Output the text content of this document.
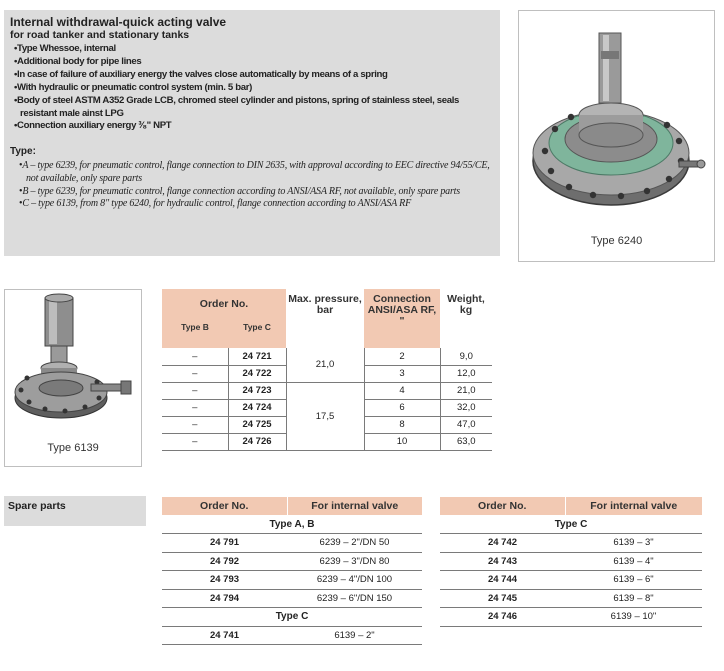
Internal withdrawal-quick acting valve
for road tanker and stationary tanks
• Type Whessoe, internal
• Additional body for pipe lines
• In case of failure of auxiliary energy the valves close automatically by means of a spring
• With hydraulic or pneumatic control system (min. 5 bar)
• Body of steel ASTM A352 Grade LCB, chromed steel cylinder and pistons, spring of stainless steel, seals resistant male ainst LPG
• Connection auxiliary energy ³⁄₈" NPT
Type:
• A – type 6239, for pneumatic control, flange connection to DIN 2635, with approval according to EEC directive 94/55/CE, not available, only spare parts
• B – type 6239, for pneumatic control, flange connection according to ANSI/ASA RF, not available, only spare parts
• C – type 6139, from 8" type 6240, for hydraulic control, flange connection according to ANSI/ASA RF
Type 6240
Type 6139
Order No.		Max. pressure, bar	Connection ANSI/ASA RF, "	Weight, kg
Type B	Type C			
–	24 721	21,0	2	9,0
–	24 722		3	12,0
–	24 723	17,5	4	21,0
–	24 724		6	32,0
–	24 725		8	47,0
–	24 726		10	63,0
Spare parts	Order No.	For internal valve
Type A, B	
24 791	6239 – 2"/DN 50
24 792	6239 – 3"/DN 80
24 793	6239 – 4"/DN 100
24 794	6239 – 6"/DN 150
Type C	
24 741	6139 – 2"
Order No.	For internal valve
Type C	
24 742	6139 – 3"
24 743	6139 – 4"
24 744	6139 – 6"
24 745	6139 – 8"
24 746	6139 – 10"
